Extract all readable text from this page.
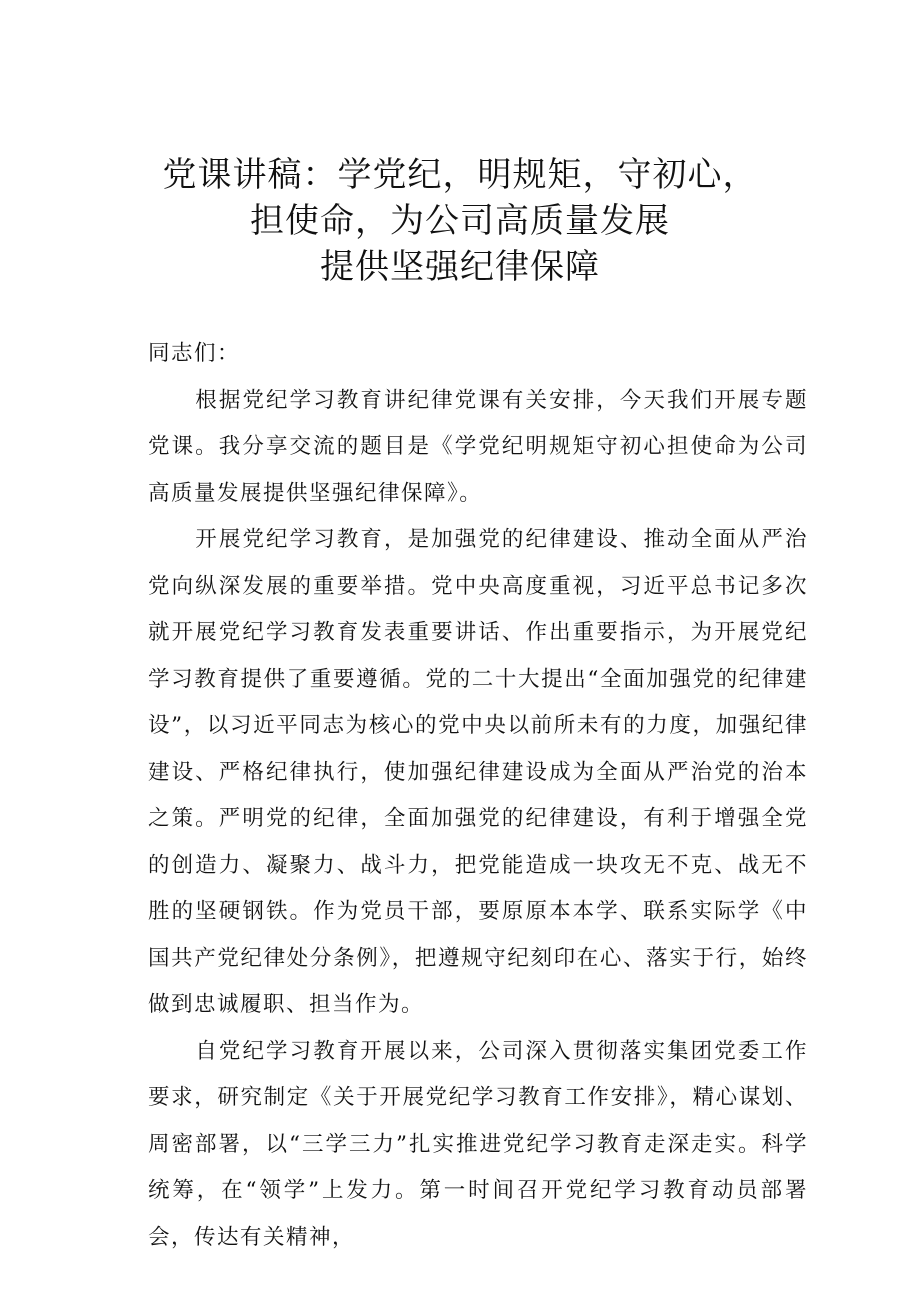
党课讲稿：学党纪，明规矩，守初心，
担使命，为公司高质量发展
提供坚强纪律保障

同志们：

根据党纪学习教育讲纪律党课有关安排，今天我们开展专题党课。我分享交流的题目是《学党纪明规矩守初心担使命为公司高质量发展提供坚强纪律保障》。

开展党纪学习教育，是加强党的纪律建设、推动全面从严治党向纵深发展的重要举措。党中央高度重视，习近平总书记多次就开展党纪学习教育发表重要讲话、作出重要指示，为开展党纪学习教育提供了重要遵循。党的二十大提出“全面加强党的纪律建设”，以习近平同志为核心的党中央以前所未有的力度，加强纪律建设、严格纪律执行，使加强纪律建设成为全面从严治党的治本之策。严明党的纪律，全面加强党的纪律建设，有利于增强全党的创造力、凝聚力、战斗力，把党能造成一块攻无不克、战无不胜的坚硬钢铁。作为党员干部，要原原本本学、联系实际学《中国共产党纪律处分条例》，把遵规守纪刻印在心、落实于行，始终做到忠诚履职、担当作为。

自党纪学习教育开展以来，公司深入贯彻落实集团党委工作要求，研究制定《关于开展党纪学习教育工作安排》，精心谋划、周密部署，以“三学三力”扎实推进党纪学习教育走深走实。科学统筹，在“领学”上发力。第一时间召开党纪学习教育动员部署会，传达有关精神，
